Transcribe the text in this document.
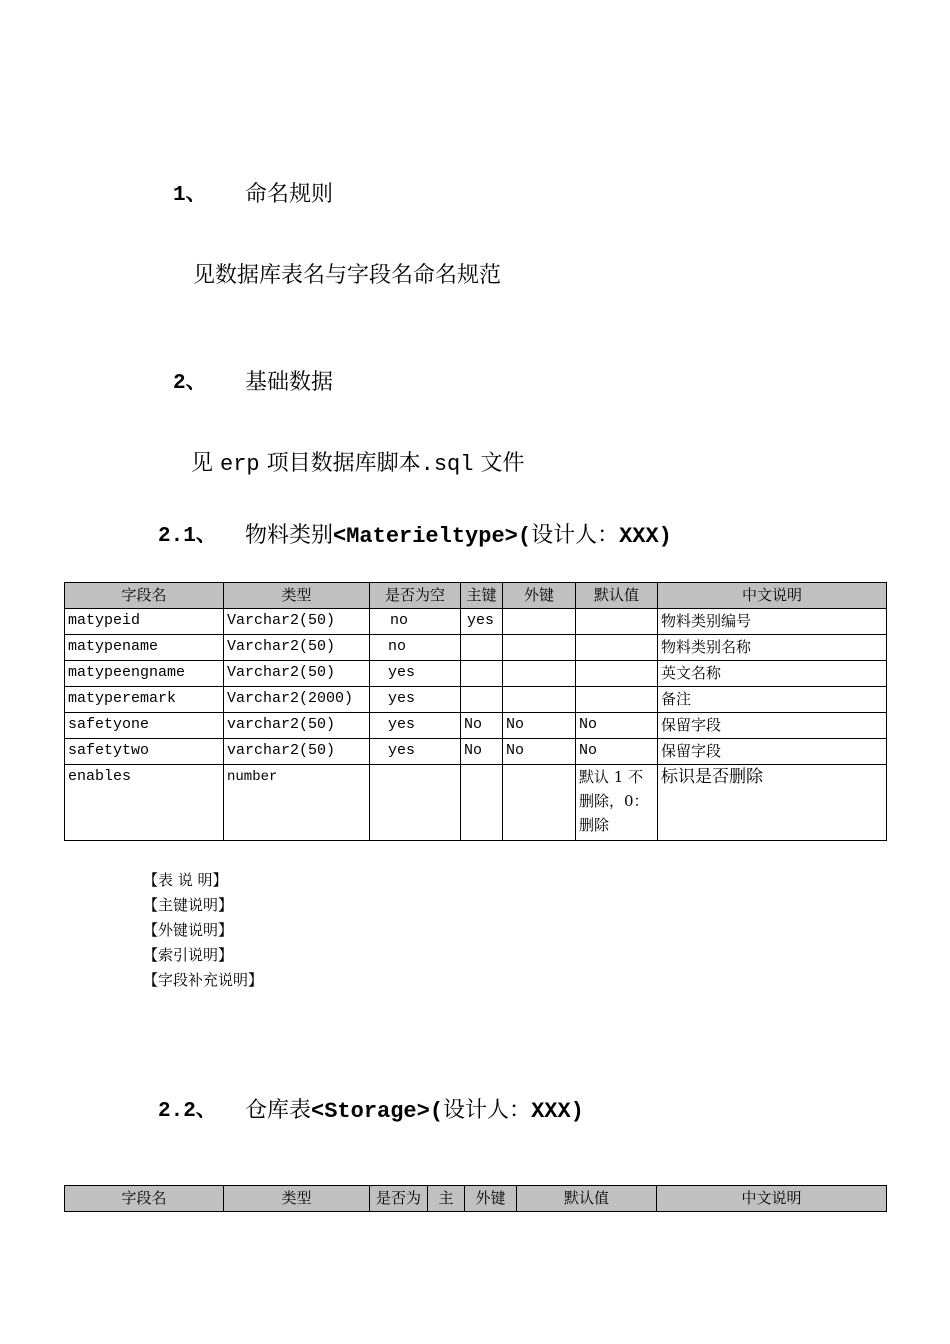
1、 命名规则
见数据库表名与字段名命名规范
2、 基础数据
见 erp 项目数据库脚本.sql 文件
2.1、 物料类别<Materieltype>(设计人：XXX)
字段名	类型	是否为空	主键	外键	默认值	中文说明
matypeid	Varchar2(50)	no	yes			物料类别编号
matypename	Varchar2(50)	no				物料类别名称
matypeengname	Varchar2(50)	yes				英文名称
matyperemark	Varchar2(2000)	yes				备注
safetyone	varchar2(50)	yes	No	No	No	保留字段
safetytwo	varchar2(50)	yes	No	No	No	保留字段
enables	number				默认 1 不删除，0：删除	标识是否删除
【表 说 明】
【主键说明】
【外键说明】
【索引说明】
【字段补充说明】
2.2、 仓库表<Storage>(设计人：XXX)
字段名	类型	是否为	主	外键	默认值	中文说明
